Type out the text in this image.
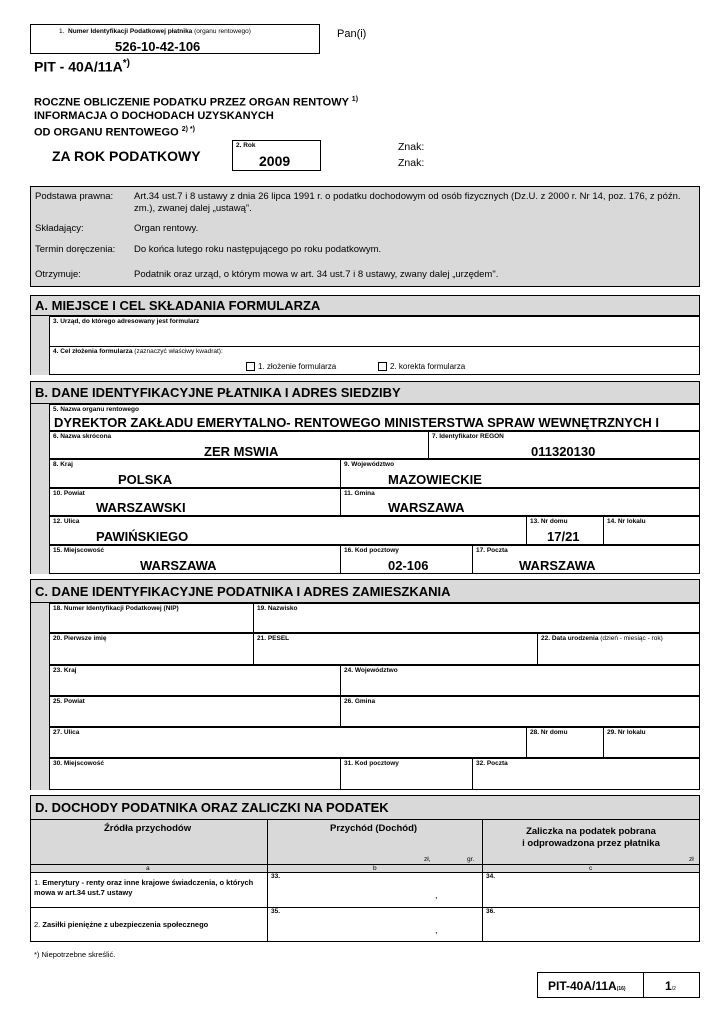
1. Numer Identyfikacji Podatkowej płatnika (organu rentowego)
526-10-42-106
Pan(i)
PIT - 40A/11A*)
ROCZNE OBLICZENIE PODATKU PRZEZ ORGAN RENTOWY $^{1)}$
INFORMACJA O DOCHODACH UZYSKANYCH
OD ORGANU RENTOWEGO $^{2) *)}$
ZA ROK PODATKOWY
2. Rok
2009
Znak:
Znak:
Podstawa prawna: Art.34 ust.7 i 8 ustawy z dnia 26 lipca 1991 r. o podatku dochodowym od osób fizycznych (Dz.U. z 2000 r. Nr 14, poz. 176, z późn. zm.), zwanej dalej „ustawą”.
Składający:	Organ rentowy.
Termin doręczenia: Do końca lutego roku następującego po roku podatkowym.
Otrzymuje:	Podatnik oraz urząd, o którym mowa w art. 34 ust.7 i 8 ustawy, zwany dalej „urzędem".
A. MIEJSCE I CEL SKŁADANIA FORMULARZA
3. Urząd, do którego adresowany jest formularz
4. Cel złożenia formularza (zaznaczyć właściwy kwadrat):
1. złożenie formularza	2. korekta formularza
B. DANE IDENTYFIKACYJNE PŁATNIKA I ADRES SIEDZIBY
5. Nazwa organu rentowego
DYREKTOR ZAKŁADU EMERYTALNO- RENTOWEGO MINISTERSTWA SPRAW WEWNĘTRZNYCH I
6. Nazwa skrócona
ZER MSWIA
7. Identyfikator REGON
011320130
8. Kraj
POLSKA
9. Województwo
MAZOWIECKIE
10. Powiat
WARSZAWSKI
11. Gmina
WARSZAWA
12. Ulica
PAWIŃSKIEGO
13. Nr domu
17/21
14. Nr lokalu
15. Miejscowość
WARSZAWA
16. Kod pocztowy
02-106
17. Poczta
WARSZAWA
C. DANE IDENTYFIKACYJNE PODATNIKA I ADRES ZAMIESZKANIA
18. Numer Identyfikacji Podatkowej (NIP)	19. Nazwisko
20. Pierwsze imię	21. PESEL	22. Data urodzenia (dzień - miesiąc - rok)
23. Kraj	24. Województwo
25. Powiat	26. Gmina
27. Ulica	28. Nr domu	29. Nr lokalu
30. Miejscowość	31. Kod pocztowy	32. Poczta
D. DOCHODY PODATNIKA ORAZ ZALICZKI NA PODATEK
Źródła przychodów	Przychód (Dochód)	Zaliczka na podatek pobrana
i odprowadzona przez płatnika
zł,	gr.	zł
a	b	c
1. Emerytury - renty oraz inne krajowe świadczenia, o których mowa w art.34 ust.7 ustawy
33.
,
34.
2. Zasiłki pieniężne z ubezpieczenia społecznego
35.
,
36.
*) Niepotrzebne skreślić.
PIT-40A/11A(16)	1/2
